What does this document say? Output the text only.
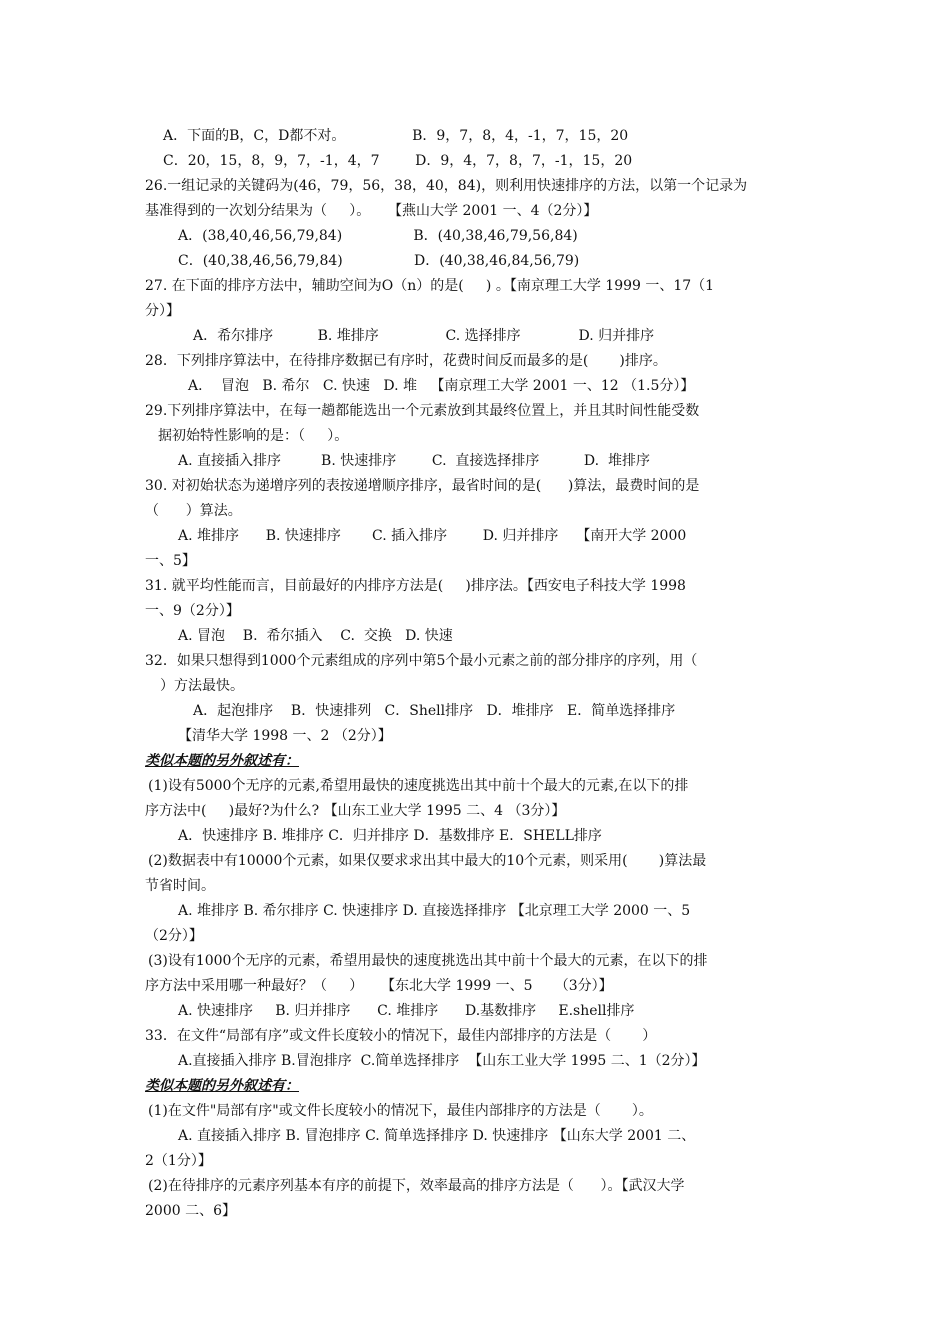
A．下面的B，C，D都不对。               B．9，7，8，4，-1，7，15，20
C．20，15，8，9，7，-1，4，7        D．9，4，7，8，7，-1，15，20
26.一组记录的关键码为(46，79，56，38，40，84)，则利用快速排序的方法，以第一个记录为
基准得到的一次划分结果为（     ）。    【燕山大学 2001 一、4（2分）】
A．(38,40,46,56,79,84)                B．(40,38,46,79,56,84)
C．(40,38,46,56,79,84)                D．(40,38,46,84,56,79)
27. 在下面的排序方法中，辅助空间为O（n）的是(     ) 。【南京理工大学 1999 一、17（1
分）】
A．希尔排序          B. 堆排序               C. 选择排序             D. 归并排序
28．下列排序算法中，在待排序数据已有序时，花费时间反而最多的是(       )排序。
A．  冒泡   B. 希尔   C. 快速   D. 堆   【南京理工大学 2001 一、12 （1.5分）】
29.下列排序算法中，在每一趟都能选出一个元素放到其最终位置上，并且其时间性能受数
据初始特性影响的是：（     ）。
A. 直接插入排序         B. 快速排序        C.  直接选择排序          D.  堆排序
30. 对初始状态为递增序列的表按递增顺序排序，最省时间的是(      )算法，最费时间的是
（      ）算法。
A. 堆排序      B. 快速排序       C. 插入排序        D. 归并排序    【南开大学 2000
一、5】
31. 就平均性能而言，目前最好的内排序方法是(     )排序法。【西安电子科技大学 1998
一、9（2分）】
A. 冒泡    B.  希尔插入    C.  交换   D. 快速
32．如果只想得到1000个元素组成的序列中第5个最小元素之前的部分排序的序列，用（
）方法最快。
A．起泡排序    B．快速排列   C．Shell排序   D．堆排序   E．简单选择排序
【清华大学 1998 一、2 （2分）】
类似本题的另外叙述有：
(1)设有5000个无序的元素,希望用最快的速度挑选出其中前十个最大的元素,在以下的排
序方法中(     )最好?为什么? 【山东工业大学 1995 二、4 （3分）】
A．快速排序 B. 堆排序 C．归并排序 D．基数排序 E．SHELL排序
(2)数据表中有10000个元素，如果仅要求求出其中最大的10个元素，则采用(       )算法最
节省时间。
A. 堆排序 B. 希尔排序 C. 快速排序 D. 直接选择排序 【北京理工大学 2000 一、5
（2分）】
(3)设有1000个无序的元素，希望用最快的速度挑选出其中前十个最大的元素，在以下的排
序方法中采用哪一种最好？（     ）    【东北大学 1999 一、5     （3分）】
A. 快速排序     B. 归并排序      C. 堆排序      D.基数排序     E.shell排序
33．在文件“局部有序”或文件长度较小的情况下，最佳内部排序的方法是（       ）
A.直接插入排序 B.冒泡排序  C.简单选择排序  【山东工业大学 1995 二、1（2分）】
类似本题的另外叙述有：
(1)在文件"局部有序"或文件长度较小的情况下，最佳内部排序的方法是（       ）。
A. 直接插入排序 B. 冒泡排序 C. 简单选择排序 D. 快速排序 【山东大学 2001 二、
2（1分）】
(2)在待排序的元素序列基本有序的前提下，效率最高的排序方法是（      ）。【武汉大学
2000 二、6】
